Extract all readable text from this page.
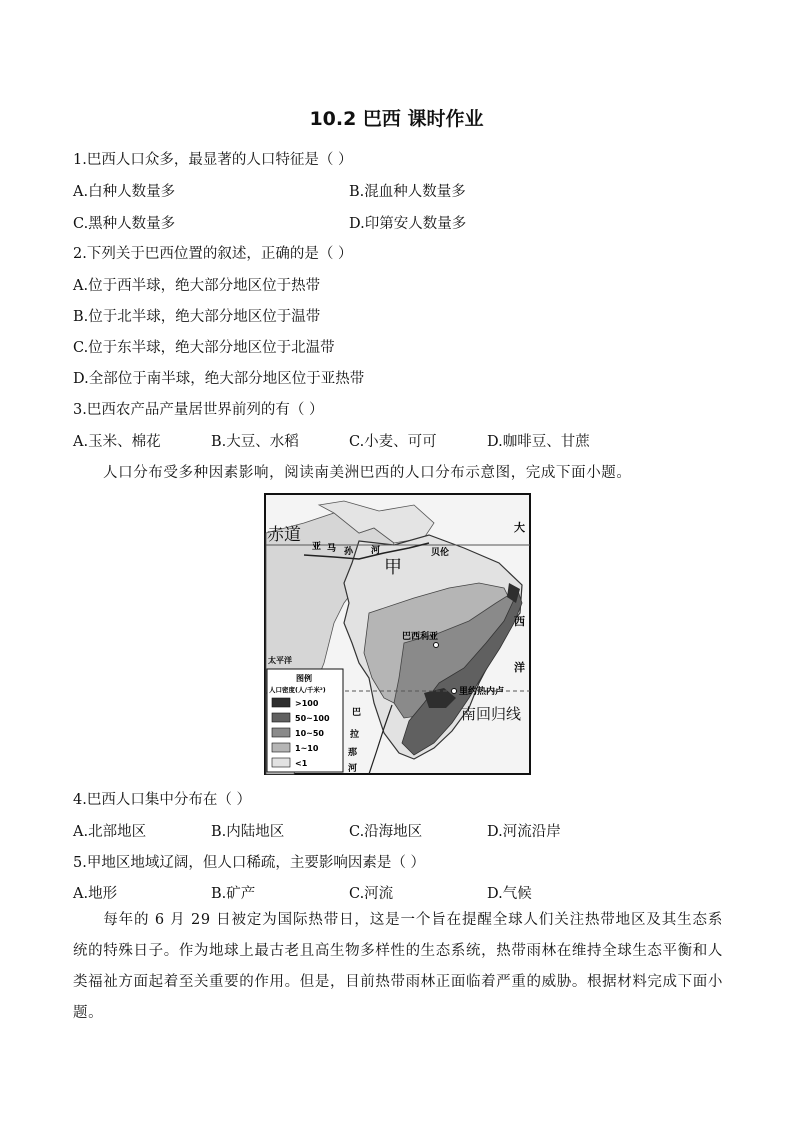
10.2 巴西 课时作业
1.巴西人口众多，最显著的人口特征是（ ）
A.白种人数量多	B.混血种人数量多
C.黑种人数量多	D.印第安人数量多
2.下列关于巴西位置的叙述，正确的是（ ）
A.位于西半球，绝大部分地区位于热带
B.位于北半球，绝大部分地区位于温带
C.位于东半球，绝大部分地区位于北温带
D.全部位于南半球，绝大部分地区位于亚热带
3.巴西农产品产量居世界前列的有（ ）
A.玉米、棉花	B.大豆、水稻	C.小麦、可可	D.咖啡豆、甘蔗
人口分布受多种因素影响，阅读南美洲巴西的人口分布示意图，完成下面小题。
赤道
亚 马 孙 河
甲
贝伦
巴西利亚
里约热内卢
南回归线
大
西
洋
巴
拉
那
河
太平洋
图例
人口密度(人/千米²)
>100
50~100
10~50
1~10
<1
4.巴西人口集中分布在（ ）
A.北部地区	B.内陆地区	C.沿海地区	D.河流沿岸
5.甲地区地域辽阔，但人口稀疏，主要影响因素是（ ）
A.地形	B.矿产	C.河流	D.气候
每年的 6 月 29 日被定为国际热带日，这是一个旨在提醒全球人们关注热带地区及其生态系统的特殊日子。作为地球上最古老且高生物多样性的生态系统，热带雨林在维持全球生态平衡和人类福祉方面起着至关重要的作用。但是，目前热带雨林正面临着严重的威胁。根据材料完成下面小题。
